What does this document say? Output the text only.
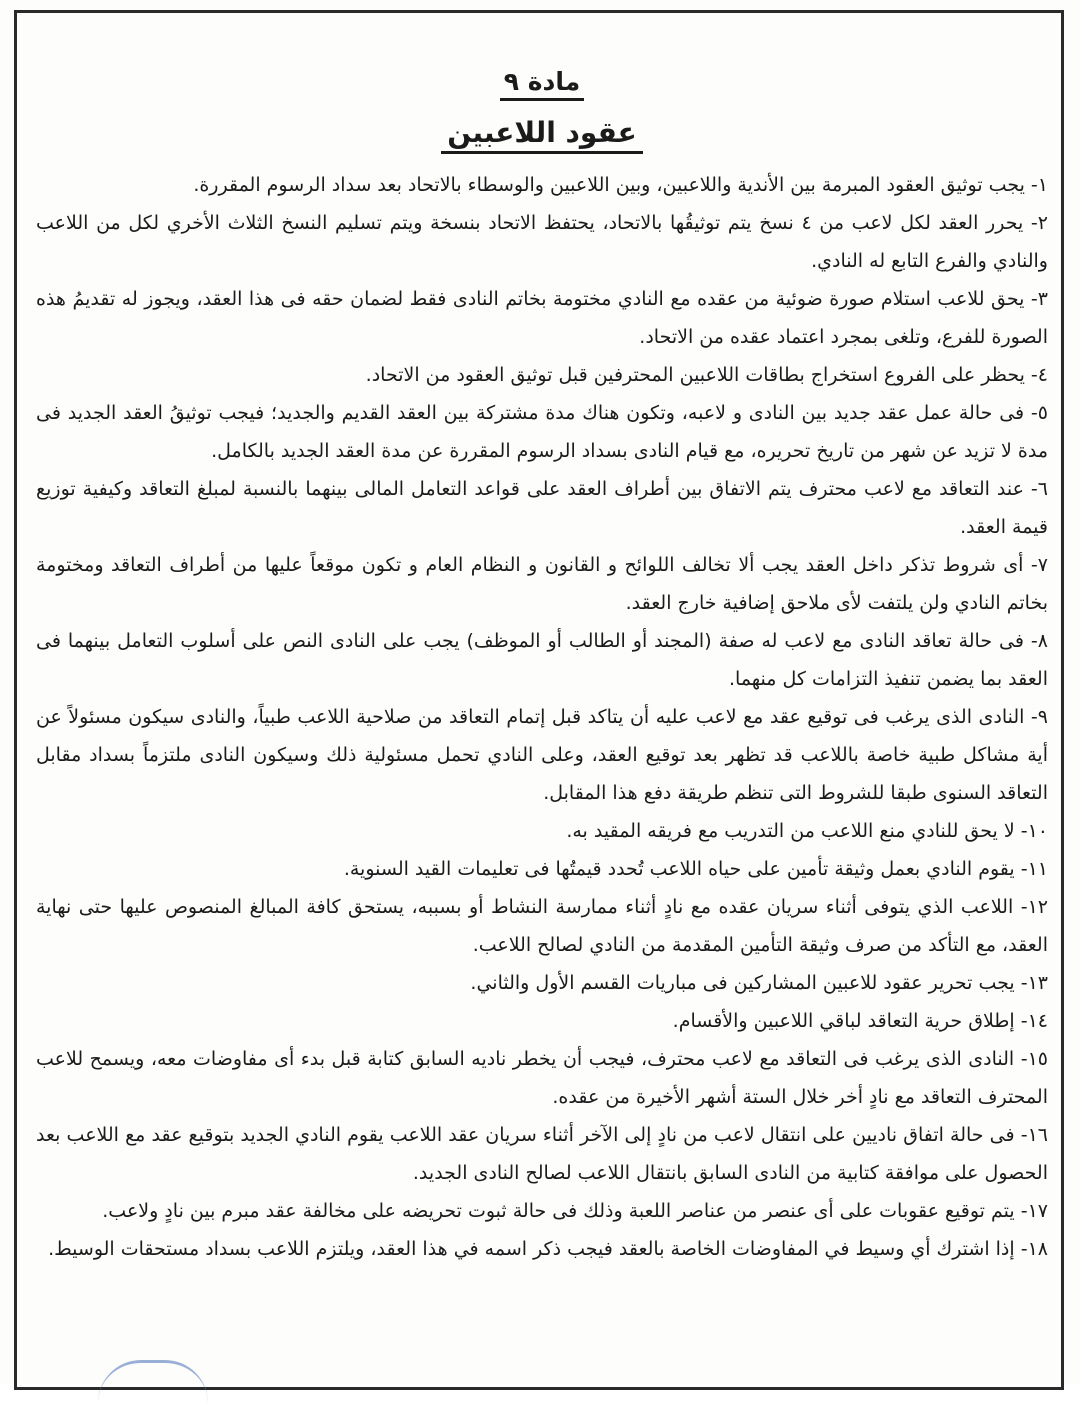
مادة ٩
عقود اللاعبين

١- يجب توثيق العقود المبرمة بين الأندية واللاعبين، وبين اللاعبين والوسطاء بالاتحاد بعد سداد الرسوم المقررة.

٢- يحرر العقد لكل لاعب من ٤ نسخ يتم توثيقُها بالاتحاد، يحتفظ الاتحاد بنسخة ويتم تسليم النسخ الثلاث الأخري لكل من اللاعب والنادي والفرع التابع له النادي.

٣- يحق للاعب استلام صورة ضوئية من عقده مع النادي مختومة بخاتم النادى فقط لضمان حقه فى هذا العقد، ويجوز له تقديمُ هذه الصورة للفرع، وتلغى بمجرد اعتماد عقده من الاتحاد.

٤- يحظر على الفروع استخراج بطاقات اللاعبين المحترفين قبل توثيق العقود من الاتحاد.

٥- فى حالة عمل عقد جديد بين النادى و لاعبه، وتكون هناك مدة مشتركة بين العقد القديم والجديد؛ فيجب توثيقُ العقد الجديد فى مدة لا تزيد عن شهر من تاريخ تحريره، مع قيام النادى بسداد الرسوم المقررة عن مدة العقد الجديد بالكامل.

٦- عند التعاقد مع لاعب محترف يتم الاتفاق بين أطراف العقد على قواعد التعامل المالى بينهما بالنسبة لمبلغ التعاقد وكيفية توزيع قيمة العقد.

٧- أى شروط تذكر داخل العقد يجب ألا تخالف اللوائح و القانون و النظام العام و تكون موقعاً عليها من أطراف التعاقد ومختومة بخاتم النادي ولن يلتفت لأى ملاحق إضافية خارج العقد.

٨- فى حالة تعاقد النادى مع لاعب له صفة (المجند أو الطالب أو الموظف) يجب على النادى النص على أسلوب التعامل بينهما فى العقد بما يضمن تنفيذ التزامات كل منهما.

٩- النادى الذى يرغب فى توقيع عقد مع لاعب عليه أن يتاكد قبل إتمام التعاقد من صلاحية اللاعب طبياً، والنادى سيكون مسئولاً عن أية مشاكل طبية خاصة باللاعب قد تظهر بعد توقيع العقد، وعلى النادي تحمل مسئولية ذلك وسيكون النادى ملتزماً بسداد مقابل التعاقد السنوى طبقا للشروط التى تنظم طريقة دفع هذا المقابل.

١٠- لا يحق للنادي منع اللاعب من التدريب مع فريقه المقيد به.

١١- يقوم النادي بعمل وثيقة تأمين على حياه اللاعب تُحدد قيمتُها فى تعليمات القيد السنوية.

١٢- اللاعب الذي يتوفى أثناء سريان عقده مع نادٍ أثناء ممارسة النشاط أو بسببه، يستحق كافة المبالغ المنصوص عليها حتى نهاية العقد، مع التأكد من صرف وثيقة التأمين المقدمة من النادي لصالح اللاعب.

١٣- يجب تحرير عقود للاعبين المشاركين فى مباريات القسم الأول والثاني.

١٤- إطلاق حرية التعاقد لباقي اللاعبين والأقسام.

١٥- النادى الذى يرغب فى التعاقد مع لاعب محترف، فيجب أن يخطر ناديه السابق كتابة قبل بدء أى مفاوضات معه، ويسمح للاعب المحترف التعاقد مع نادٍ أخر خلال الستة أشهر الأخيرة من عقده.

١٦- فى حالة اتفاق ناديين على انتقال لاعب من نادٍ إلى الآخر أثناء سريان عقد اللاعب يقوم النادي الجديد بتوقيع عقد مع اللاعب بعد الحصول على موافقة كتابية من النادى السابق بانتقال اللاعب لصالح النادى الجديد.

١٧- يتم توقيع عقوبات على أى عنصر من عناصر اللعبة وذلك فى حالة ثبوت تحريضه على مخالفة عقد مبرم بين نادٍ ولاعب.

١٨- إذا اشترك أي وسيط في المفاوضات الخاصة بالعقد فيجب ذكر اسمه في هذا العقد، ويلتزم اللاعب بسداد مستحقات الوسيط.
